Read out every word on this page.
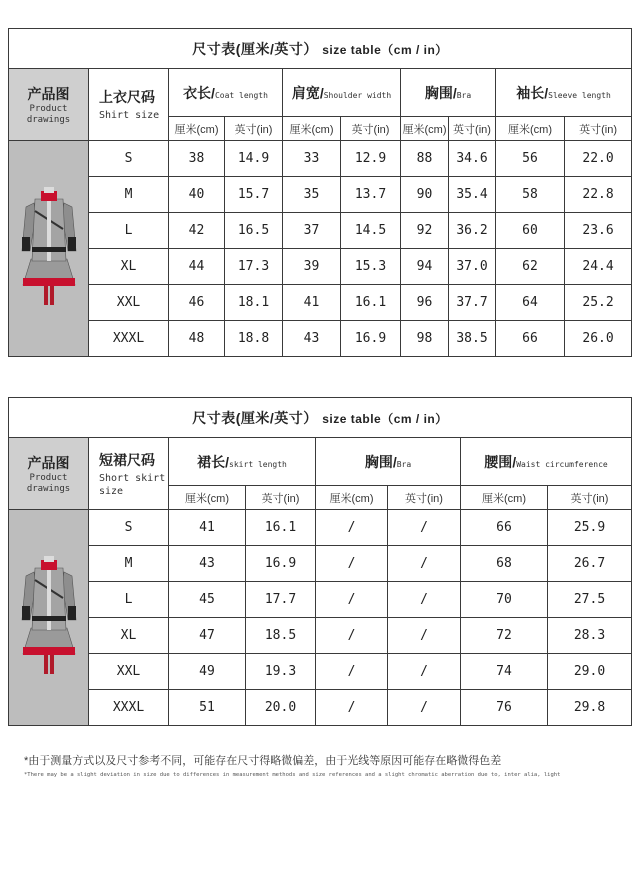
尺寸表(厘米/英寸） size table（cm / in）									

产品图
Product drawings	上衣尺码
Shirt size	衣长/Coat length		肩宽/Shoulder width		胸围/Bra		袖长/Sleeve length	
		厘米(cm)	英寸(in)	厘米(cm)	英寸(in)	厘米(cm)	英寸(in)	厘米(cm)	英寸(in)
	S	38	14.9	33	12.9	88	34.6	56	22.0
	M	40	15.7	35	13.7	90	35.4	58	22.8
	L	42	16.5	37	14.5	92	36.2	60	23.6
	XL	44	17.3	39	15.3	94	37.0	62	24.4
	XXL	46	18.1	41	16.1	96	37.7	64	25.2
	XXXL	48	18.8	43	16.9	98	38.5	66	26.0
尺寸表(厘米/英寸） size table（cm / in）							

产品图
Product drawings	短裙尺码
Short skirt size	裙长/skirt length		胸围/Bra		腰围/Waist circumference	
		厘米(cm)	英寸(in)	厘米(cm)	英寸(in)	厘米(cm)	英寸(in)
	S	41	16.1	/	/	66	25.9
	M	43	16.9	/	/	68	26.7
	L	45	17.7	/	/	70	27.5
	XL	47	18.5	/	/	72	28.3
	XXL	49	19.3	/	/	74	29.0
	XXXL	51	20.0	/	/	76	29.8
*由于测量方式以及尺寸参考不同，可能存在尺寸得略微偏差，由于光线等原因可能存在略微得色差
*There may be a slight deviation in size due to differences in measurement methods and size references and a slight chromatic aberration due to, inter alia, light
